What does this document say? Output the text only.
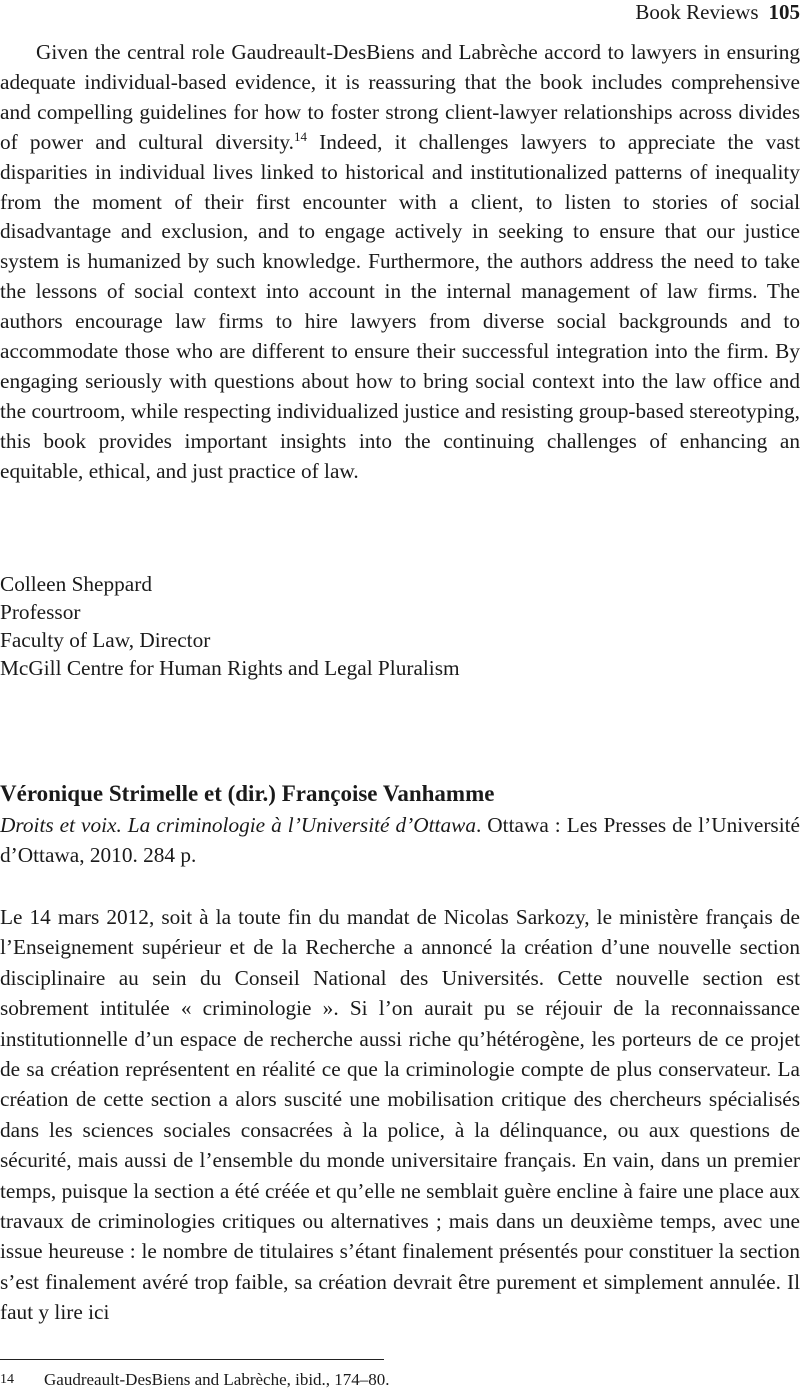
Book Reviews 105

Given the central role Gaudreault-DesBiens and Labrèche accord to lawyers in ensuring adequate individual-based evidence, it is reassuring that the book includes comprehensive and compelling guidelines for how to foster strong client-lawyer relationships across divides of power and cultural diversity.$^{14}$ Indeed, it challenges lawyers to appreciate the vast disparities in individual lives linked to historical and institutionalized patterns of inequality from the moment of their first encounter with a client, to listen to stories of social disadvantage and exclusion, and to engage actively in seeking to ensure that our justice system is humanized by such knowledge. Furthermore, the authors address the need to take the lessons of social context into account in the internal management of law firms. The authors encourage law firms to hire lawyers from diverse social backgrounds and to accommodate those who are different to ensure their successful integration into the firm. By engaging seriously with questions about how to bring social context into the law office and the courtroom, while respecting individualized justice and resisting group-based stereotyping, this book provides important insights into the continuing challenges of enhancing an equitable, ethical, and just practice of law.

Colleen Sheppard
Professor
Faculty of Law, Director
McGill Centre for Human Rights and Legal Pluralism
Véronique Strimelle et (dir.) Françoise Vanhamme

Droits et voix. La criminologie à l’Université d’Ottawa. Ottawa : Les Presses de l’Université d’Ottawa, 2010. 284 p.

Le 14 mars 2012, soit à la toute fin du mandat de Nicolas Sarkozy, le ministère français de l’Enseignement supérieur et de la Recherche a annoncé la création d’une nouvelle section disciplinaire au sein du Conseil National des Universités. Cette nouvelle section est sobrement intitulée « criminologie ». Si l’on aurait pu se réjouir de la reconnaissance institutionnelle d’un espace de recherche aussi riche qu’hétérogène, les porteurs de ce projet de sa création représentent en réalité ce que la criminologie compte de plus conservateur. La création de cette section a alors suscité une mobilisation critique des chercheurs spécialisés dans les sciences sociales consacrées à la police, à la délinquance, ou aux questions de sécurité, mais aussi de l’ensemble du monde universitaire français. En vain, dans un premier temps, puisque la section a été créée et qu’elle ne semblait guère encline à faire une place aux travaux de criminologies critiques ou alternatives ; mais dans un deuxième temps, avec une issue heureuse : le nombre de titulaires s’étant finalement présentés pour constituer la section s’est finalement avéré trop faible, sa création devrait être purement et simplement annulée. Il faut y lire ici

14 Gaudreault-DesBiens and Labrèche, ibid., 174–80.
